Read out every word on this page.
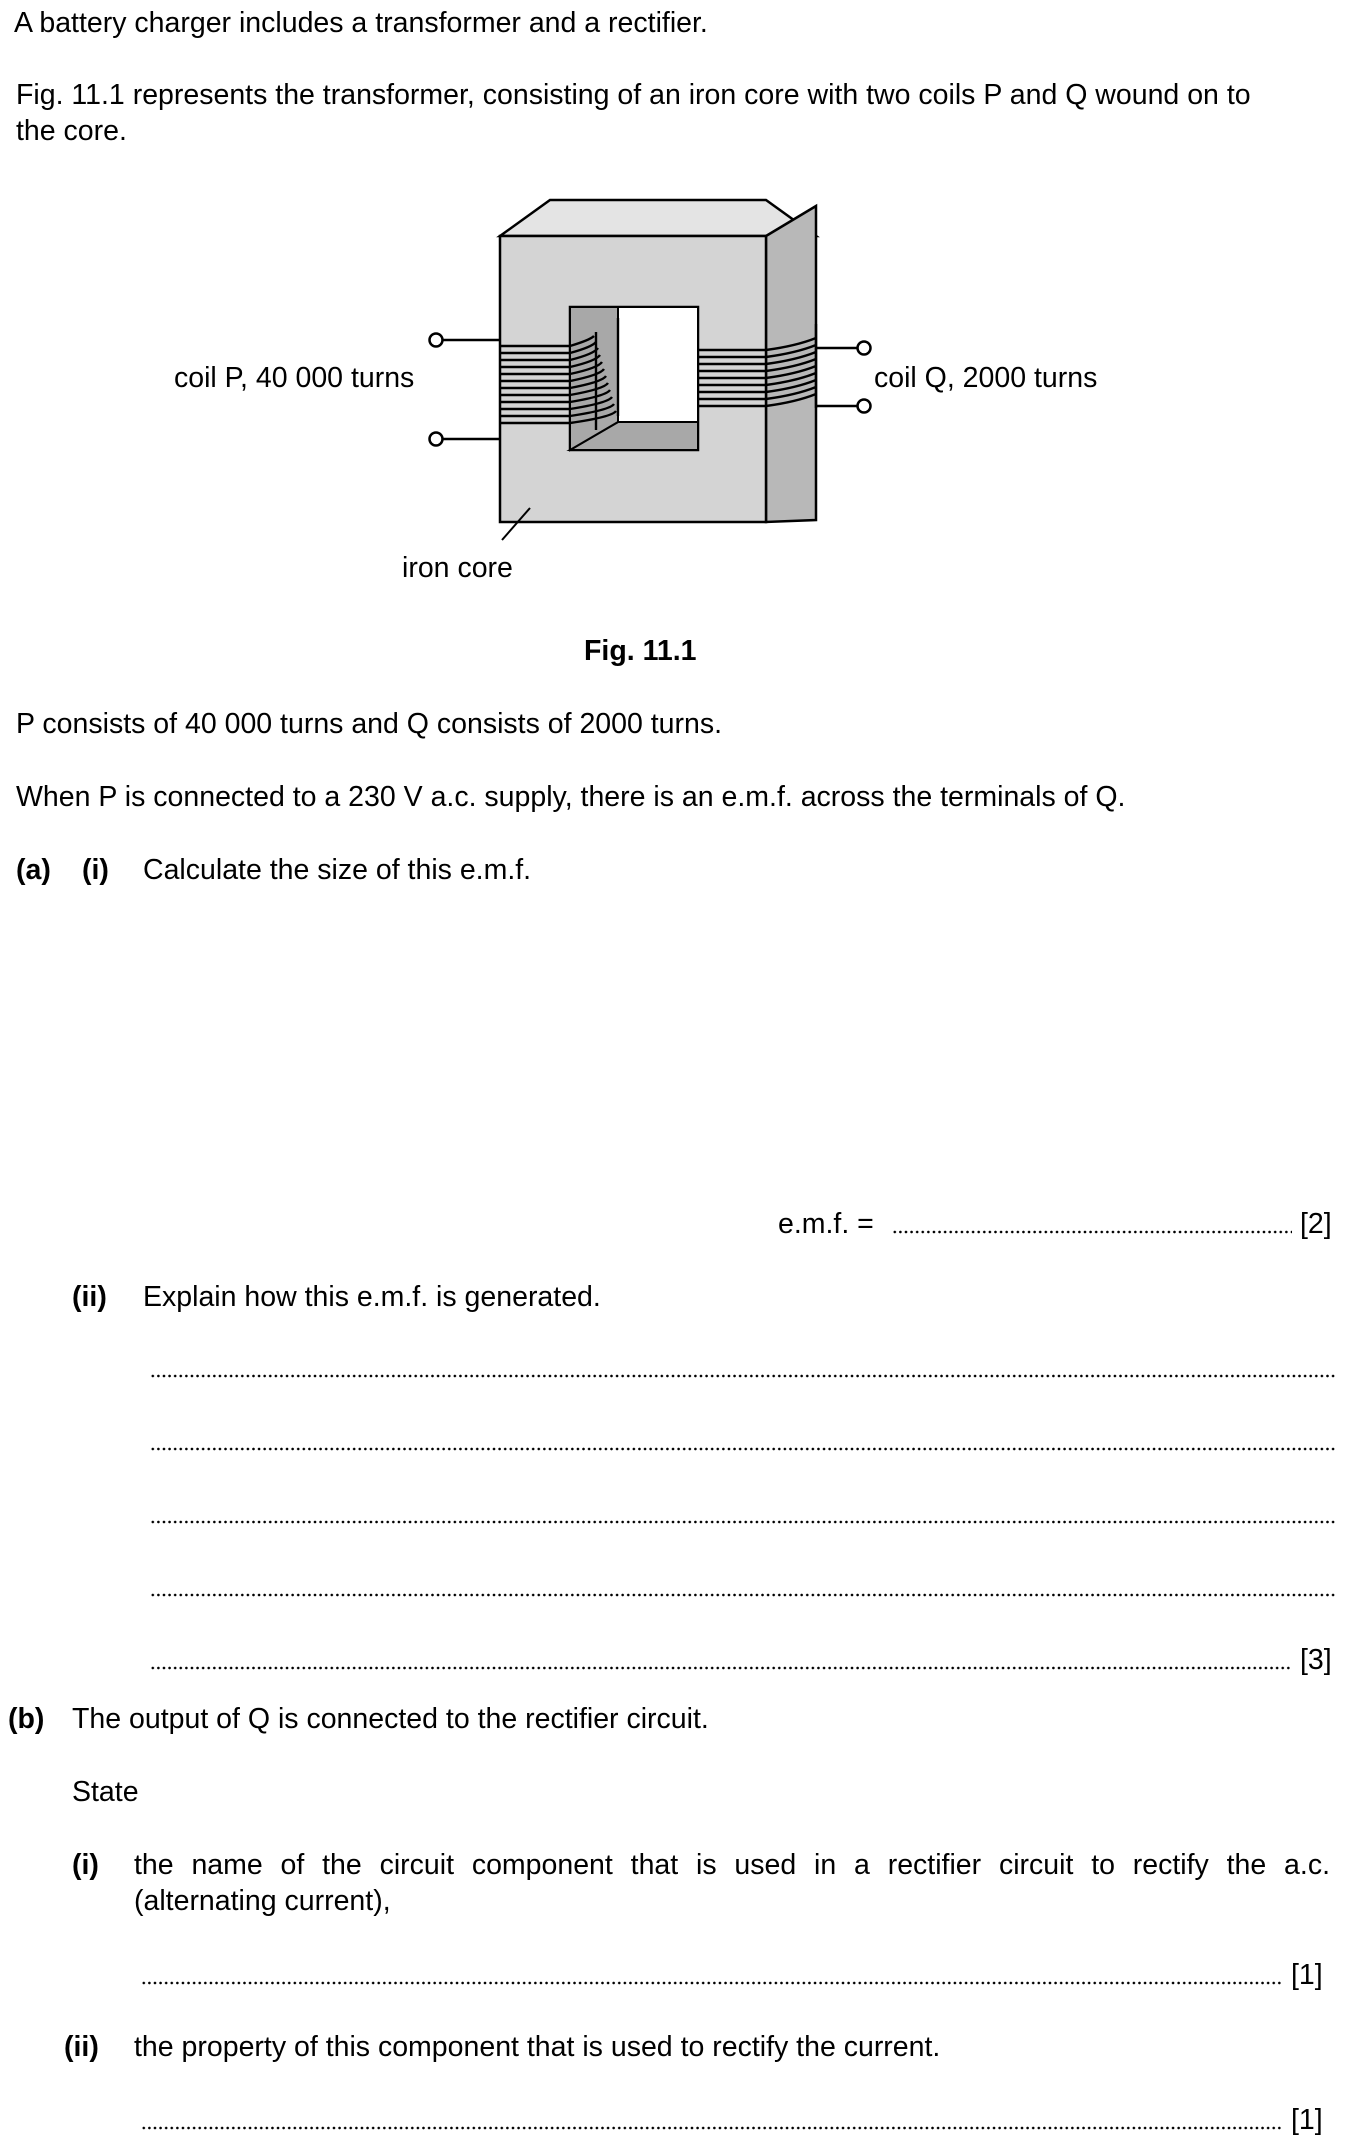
A battery charger includes a transformer and a rectifier.
Fig. 11.1 represents the transformer, consisting of an iron core with two coils P and Q wound on to
the core.
coil P, 40 000 turns	coil Q, 2000 turns
iron core
Fig. 11.1
P consists of 40 000 turns and Q consists of 2000 turns.
When P is connected to a 230 V a.c. supply, there is an e.m.f. across the terminals of Q.
(a) (i) Calculate the size of this e.m.f.
e.m.f. =	[2]
(ii) Explain how this e.m.f. is generated.
[3]
(b) The output of Q is connected to the rectifier circuit.
State
(i) the name of the circuit component that is used in a rectifier circuit to rectify the a.c.
(alternating current),
[1]
(ii) the property of this component that is used to rectify the current.
[1]
